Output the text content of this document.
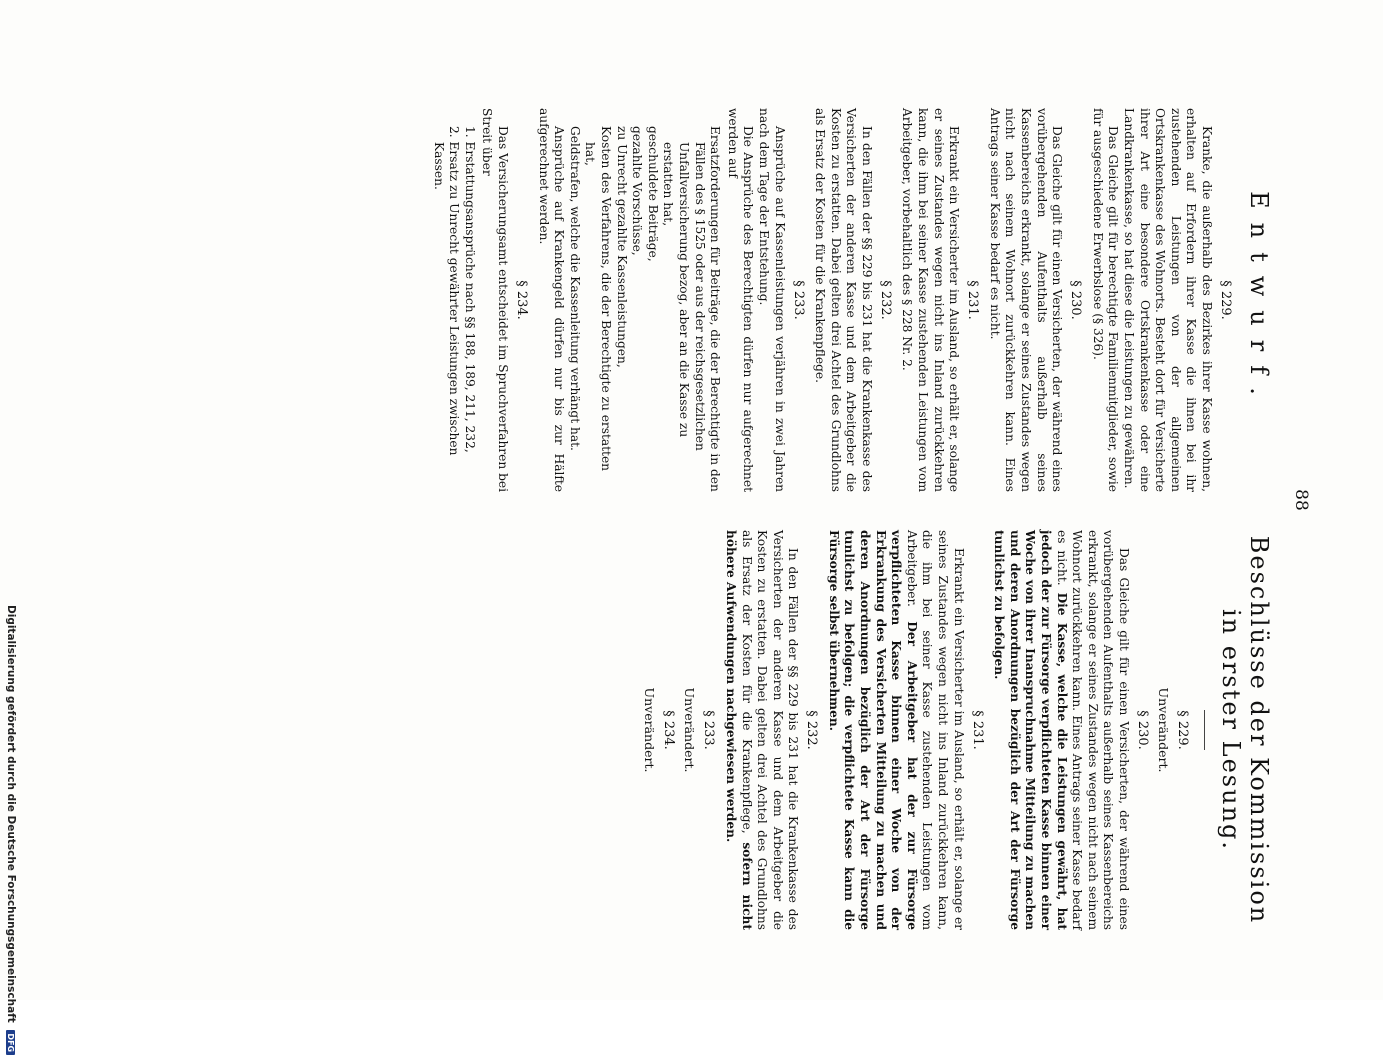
88
Entwurf.
§ 229.

Kranke, die außerhalb des Bezirkes ihrer Kasse wohnen, erhalten auf Erfordern ihrer Kasse die ihnen bei ihr zustehenden Leistungen von der allgemeinen Ortskrankenkasse des Wohnorts. Besteht dort für Versicherte ihrer Art eine besondere Ortskrankenkasse oder eine Landkrankenkasse, so hat diese die Leistungen zu gewähren.

Das Gleiche gilt für berechtigte Familienmitglieder, sowie für ausgeschiedene Erwerbslose (§ 326).

§ 230.

Das Gleiche gilt für einen Versicherten, der während eines vorübergehenden Aufenthalts außerhalb seines Kassenbereichs erkrankt, solange er seines Zustandes wegen nicht nach seinem Wohnort zurückkehren kann. Eines Antrags seiner Kasse bedarf es nicht.

§ 231.

Erkrankt ein Versicherter im Ausland, so erhält er, solange er seines Zustandes wegen nicht ins Inland zurückkehren kann, die ihm bei seiner Kasse zustehenden Leistungen vom Arbeitgeber, vorbehaltlich des § 228 Nr. 2.

§ 232.

In den Fällen der §§ 229 bis 231 hat die Krankenkasse des Versicherten der anderen Kasse und dem Arbeitgeber die Kosten zu erstatten. Dabei gelten drei Achtel des Grundlohns als Ersatz der Kosten für die Krankenpflege.

§ 233.

Ansprüche auf Kassenleistungen verjähren in zwei Jahren nach dem Tage der Entstehung.

Die Ansprüche des Berechtigten dürfen nur aufgerechnet werden auf

Ersatzforderungen für Beiträge, die der Berechtigte in den Fällen des § 1525 oder aus der reichsgesetzlichen Unfallversicherung bezog, aber an die Kasse zu erstatten hat,

geschuldete Beiträge,

gezahlte Vorschüsse,

zu Unrecht gezahlte Kassenleistungen,

Kosten des Verfahrens, die der Berechtigte zu erstatten hat,

Geldstrafen, welche die Kassenleitung verhängt hat.

Ansprüche auf Krankengeld dürfen nur bis zur Hälfte aufgerechnet werden.

§ 234.

Das Versicherungsamt entscheidet im Spruchverfahren bei Streit über

1. Erstattungsansprüche nach §§ 188, 189, 211, 232,

2. Ersatz zu Unrecht gewährter Leistungen zwischen Kassen.

Beschlüsse der Kommission in erster Lesung.
§ 229.
Unverändert.
§ 230.

Das Gleiche gilt für einen Versicherten, der während eines vorübergehenden Aufenthalts außerhalb seines Kassenbereichs erkrankt, solange er seines Zustandes wegen nicht nach seinem Wohnort zurückkehren kann. Eines Antrags seiner Kasse bedarf es nicht. Die Kasse, welche die Leistungen gewährt, hat jedoch der zur Fürsorge verpflichteten Kasse binnen einer Woche von ihrer Inanspruchnahme Mitteilung zu machen und deren Anordnungen bezüglich der Art der Fürsorge tunlichst zu befolgen.

§ 231.

Erkrankt ein Versicherter im Ausland, so erhält er, solange er seines Zustandes wegen nicht ins Inland zurückkehren kann, die ihm bei seiner Kasse zustehenden Leistungen vom Arbeitgeber. Der Arbeitgeber hat der zur Fürsorge verpflichteten Kasse binnen einer Woche von der Erkrankung des Versicherten Mitteilung zu machen und deren Anordnungen bezüglich der Art der Fürsorge tunlichst zu befolgen; die verpflichtete Kasse kann die Fürsorge selbst übernehmen.

§ 232.

In den Fällen der §§ 229 bis 231 hat die Krankenkasse des Versicherten der anderen Kasse und dem Arbeitgeber die Kosten zu erstatten. Dabei gelten drei Achtel des Grundlohns als Ersatz der Kosten für die Krankenpflege, sofern nicht höhere Aufwendungen nachgewiesen werden.

§ 233.
Unverändert.
§ 234.
Unverändert.
Digitalisierung gefördert durch die Deutsche Forschungsgemeinschaft DFG
